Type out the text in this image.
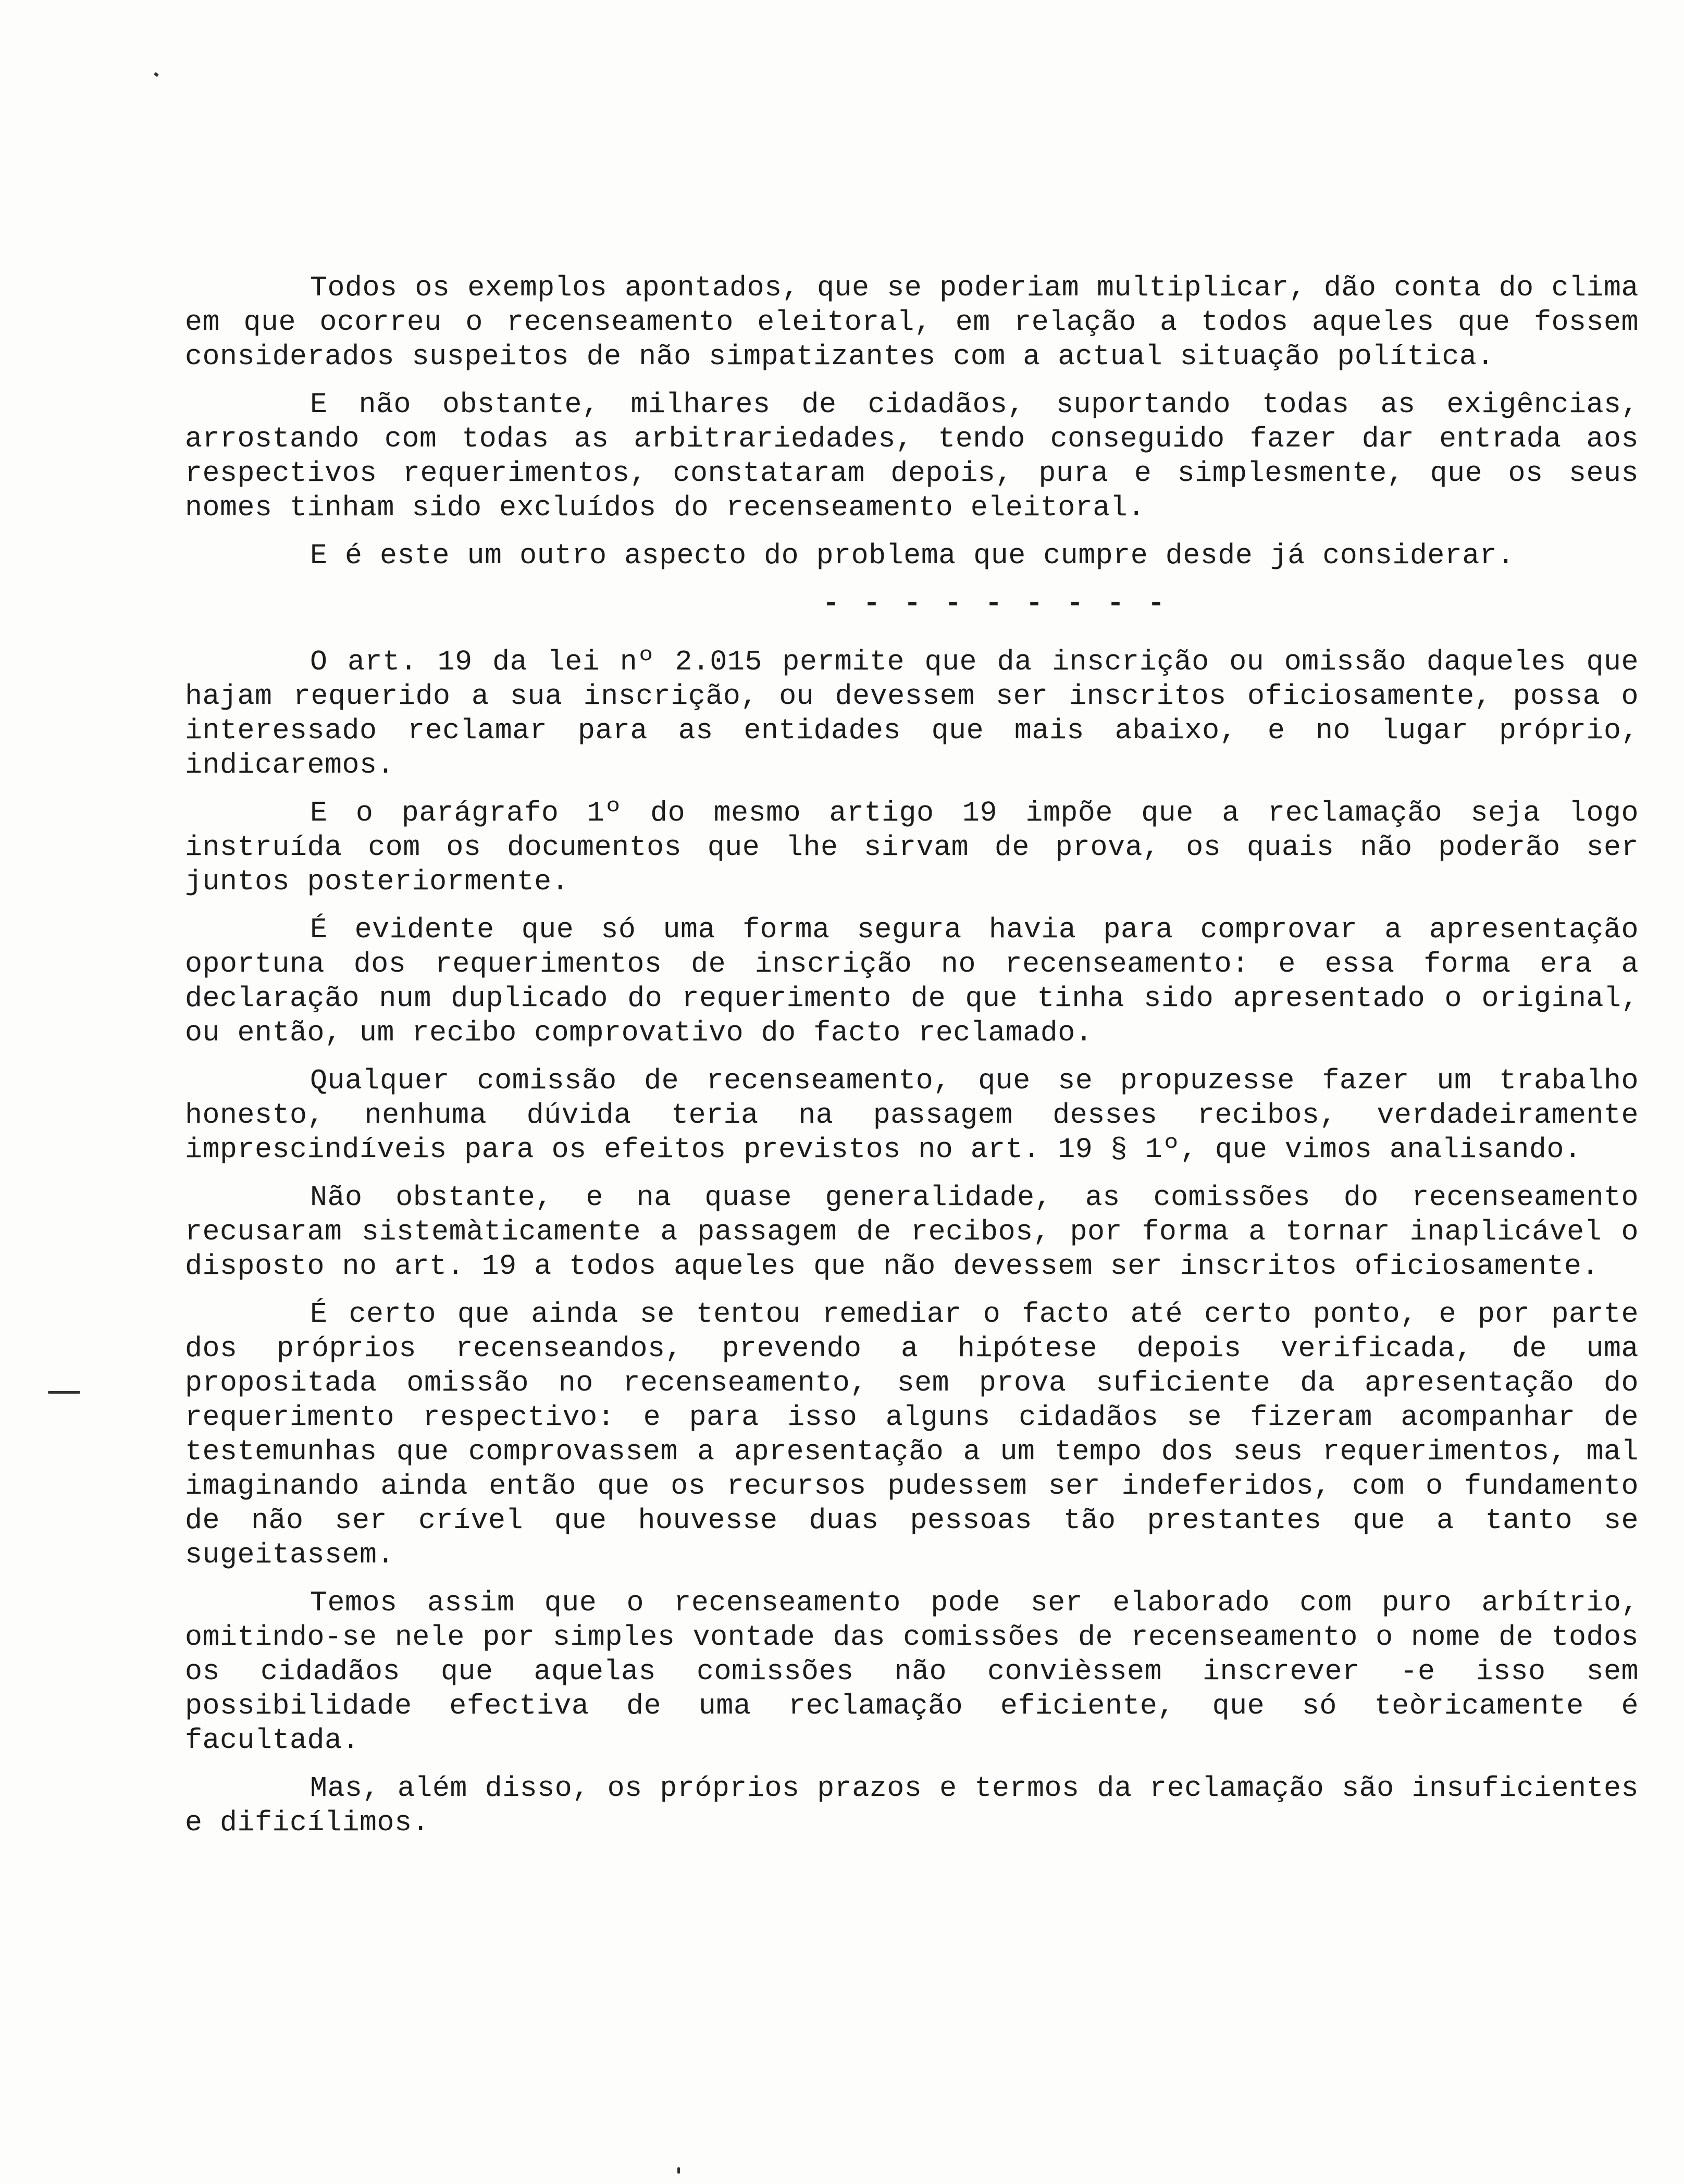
Todos os exemplos apontados, que se poderiam multiplicar, dão conta do clima em que ocorreu o recenseamento eleitoral, em relação a todos aqueles que fossem considerados suspeitos de não simpatizantes com a actual situação política.

E não obstante, milhares de cidadãos, suportando todas as exigências, arrostando com todas as arbitrariedades, tendo conseguido fazer dar entrada aos respectivos requerimentos, constataram depois, pura e simplesmente, que os seus nomes tinham sido excluídos do recenseamento eleitoral.

E é este um outro aspecto do problema que cumpre desde já considerar.

- - - - - - - - -

O art. 19 da lei nº 2.015 permite que da inscrição ou omissão daqueles que hajam requerido a sua inscrição, ou devessem ser inscritos oficiosamente, possa o interessado reclamar para as entidades que mais abaixo, e no lugar próprio, indicaremos.

E o parágrafo 1º do mesmo artigo 19 impõe que a reclamação seja logo instruída com os documentos que lhe sirvam de prova, os quais não poderão ser juntos posteriormente.

É evidente que só uma forma segura havia para comprovar a apresentação oportuna dos requerimentos de inscrição no recenseamento: e essa forma era a declaração num duplicado do requerimento de que tinha sido apresentado o original, ou então, um recibo comprovativo do facto reclamado.

Qualquer comissão de recenseamento, que se propuzesse fazer um trabalho honesto, nenhuma dúvida teria na passagem desses recibos, verdadeiramente imprescindíveis para os efeitos previstos no art. 19 § 1º, que vimos analisando.

Não obstante, e na quase generalidade, as comissões do recenseamento recusaram sistemàticamente a passagem de recibos, por forma a tornar inaplicável o disposto no art. 19 a todos aqueles que não devessem ser inscritos oficiosamente.

É certo que ainda se tentou remediar o facto até certo ponto, e por parte dos próprios recenseandos, prevendo a hipótese depois verificada, de uma propositada omissão no recenseamento, sem prova suficiente da apresentação do requerimento respectivo: e para isso alguns cidadãos se fizeram acompanhar de testemunhas que comprovassem a apresentação a um tempo dos seus requerimentos, mal imaginando ainda então que os recursos pudessem ser indeferidos, com o fundamento de não ser crível que houvesse duas pessoas tão prestantes que a tanto se sugeitassem.

Temos assim que o recenseamento pode ser elaborado com puro arbítrio, omitindo-se nele por simples vontade das comissões de recenseamento o nome de todos os cidadãos que aquelas comissões não convièssem inscrever -e isso sem possibilidade efectiva de uma reclamação eficiente, que só teòricamente é facultada.

Mas, além disso, os próprios prazos e termos da reclamação são insuficientes e dificílimos.
